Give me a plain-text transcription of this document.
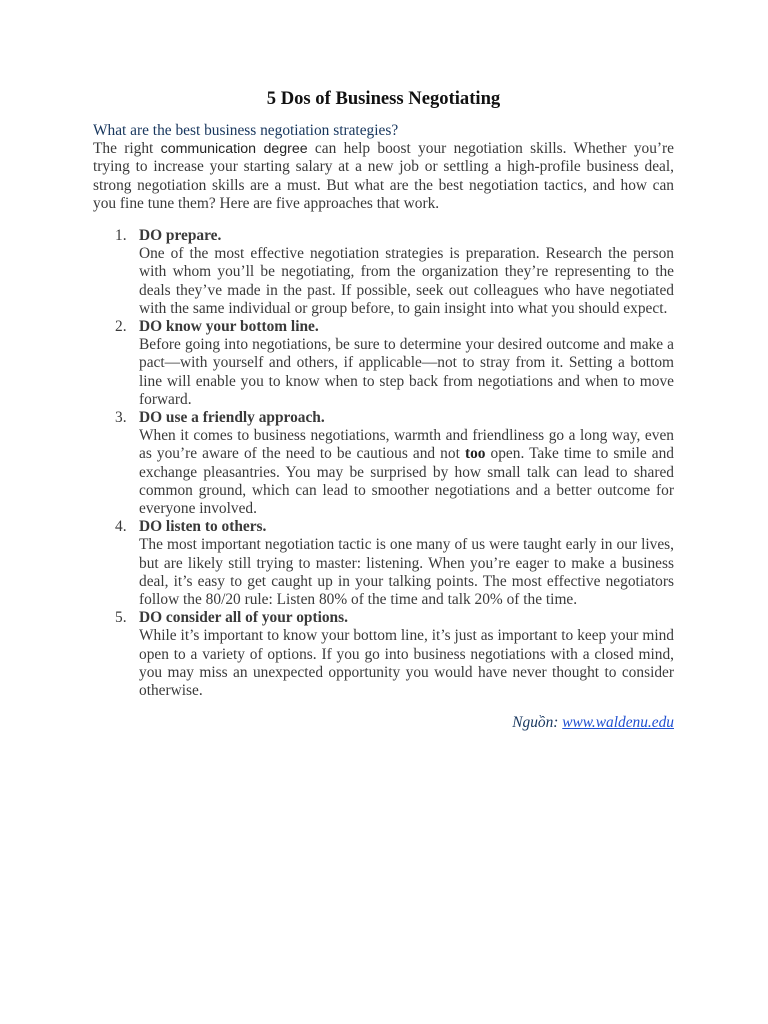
5 Dos of Business Negotiating
What are the best business negotiation strategies?

The right communication degree can help boost your negotiation skills. Whether you’re trying to increase your starting salary at a new job or settling a high-profile business deal, strong negotiation skills are a must. But what are the best negotiation tactics, and how can you fine tune them? Here are five approaches that work.

1. DO prepare.
One of the most effective negotiation strategies is preparation. Research the person with whom you’ll be negotiating, from the organization they’re representing to the deals they’ve made in the past. If possible, seek out colleagues who have negotiated with the same individual or group before, to gain insight into what you should expect.
2. DO know your bottom line.
Before going into negotiations, be sure to determine your desired outcome and make a pact—with yourself and others, if applicable—not to stray from it. Setting a bottom line will enable you to know when to step back from negotiations and when to move forward.
3. DO use a friendly approach.
When it comes to business negotiations, warmth and friendliness go a long way, even as you’re aware of the need to be cautious and not too open. Take time to smile and exchange pleasantries. You may be surprised by how small talk can lead to shared common ground, which can lead to smoother negotiations and a better outcome for everyone involved.
4. DO listen to others.
The most important negotiation tactic is one many of us were taught early in our lives, but are likely still trying to master: listening. When you’re eager to make a business deal, it’s easy to get caught up in your talking points. The most effective negotiators follow the 80/20 rule: Listen 80% of the time and talk 20% of the time.
5. DO consider all of your options.
While it’s important to know your bottom line, it’s just as important to keep your mind open to a variety of options. If you go into business negotiations with a closed mind, you may miss an unexpected opportunity you would have never thought to consider otherwise.
Nguồn: www.waldenu.edu
